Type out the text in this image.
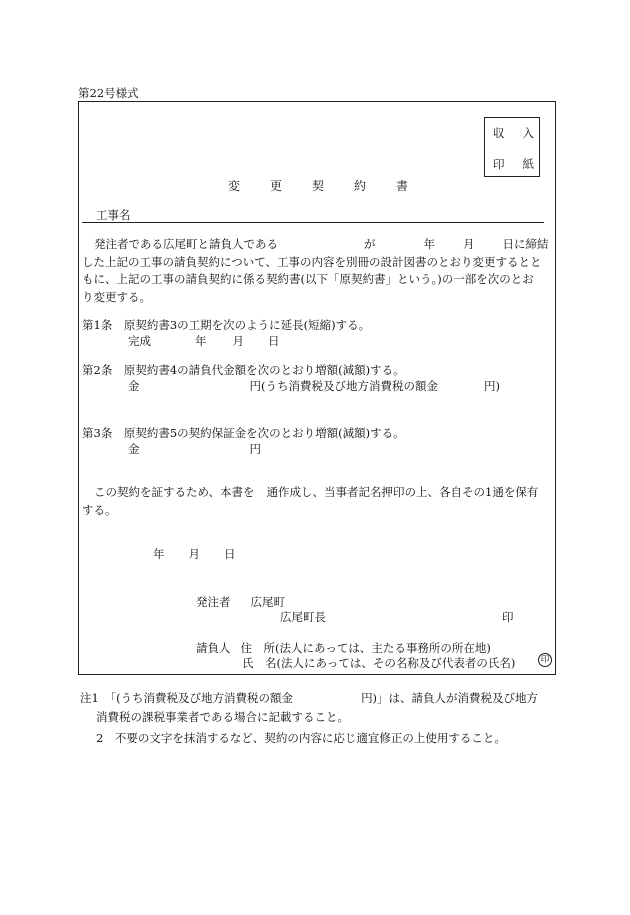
第22号様式
収入
印紙
変更契約書
工事名
発注者である広尾町と請負人である	が	年 月 日に締結
した上記の工事の請負契約について、工事の内容を別冊の設計図書のとおり変更するとと
もに、上記の工事の請負契約に係る契約書(以下「原契約書」という。)の一部を次のとお
り変更する。
第1条　原契約書3の工期を次のように延長(短縮)する。
完成	年 月 日
第2条　原契約書4の請負代金額を次のとおり増額(減額)する。
金	円(うち消費税及び地方消費税の額金	円)
第3条　原契約書5の契約保証金を次のとおり増額(減額)する。
金	円
この契約を証するため、本書を 通作成し、当事者記名押印の上、各自その1通を保有
する。
年 月 日
発注者 広尾町
広尾町長	印
請負人 住　所(法人にあっては、主たる事務所の所在地)
氏　名(法人にあっては、その名称及び代表者の氏名)	印
注1　「(うち消費税及び地方消費税の額金	円)」は、請負人が消費税及び地方
消費税の課税事業者である場合に記載すること。
2　不要の文字を抹消するなど、契約の内容に応じ適宜修正の上使用すること。
